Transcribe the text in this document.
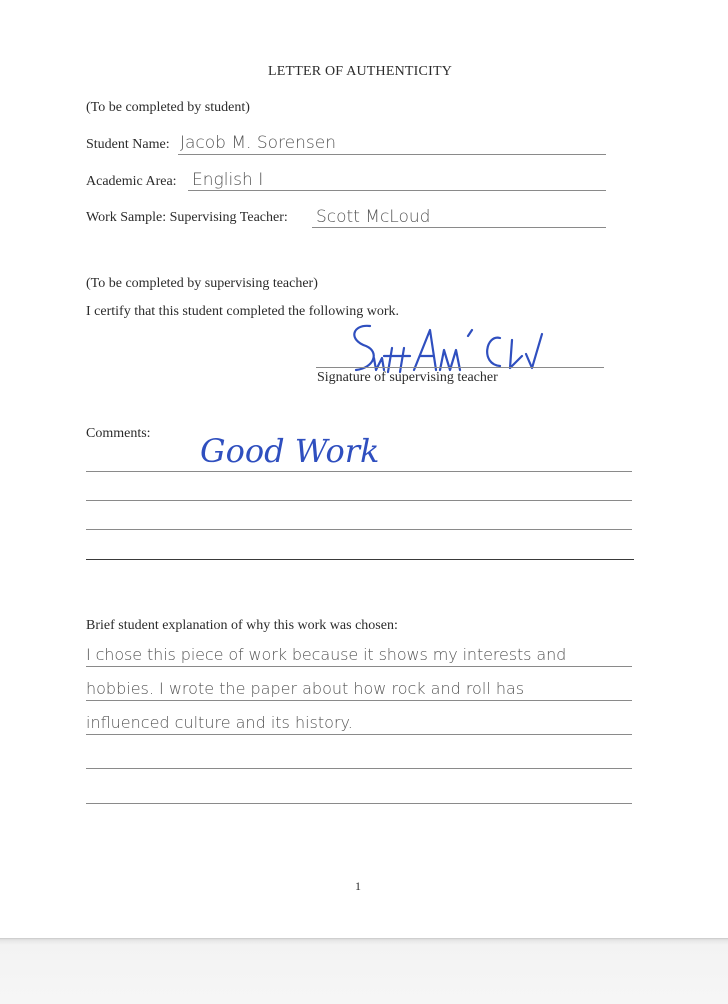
LETTER OF AUTHENTICITY
(To be completed by student)
Student Name: Jacob M. Sorensen
Academic Area: English I
Work Sample: Supervising Teacher: Scott McLoud
(To be completed by supervising teacher)
I certify that this student completed the following work.
Signature of supervising teacher
Comments: Good Work
Brief student explanation of why this work was chosen:
I chose this piece of work because it shows my interests and
hobbies. I wrote the paper about how rock and roll has
influenced culture and its history.
1
